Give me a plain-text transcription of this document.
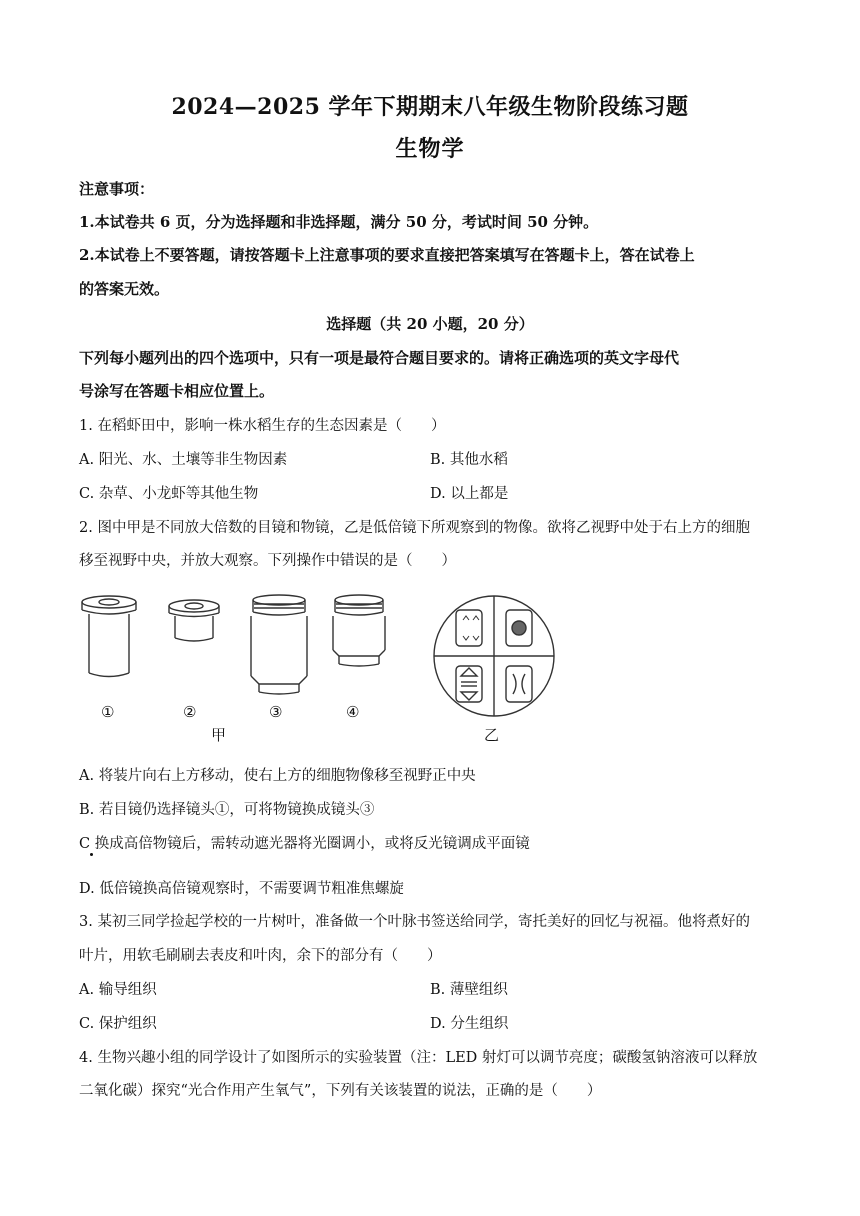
2024—2025 学年下期期末八年级生物阶段练习题
生物学
注意事项：
1.本试卷共 6 页，分为选择题和非选择题，满分 50 分，考试时间 50 分钟。
2.本试卷上不要答题，请按答题卡上注意事项的要求直接把答案填写在答题卡上，答在试卷上
的答案无效。
选择题（共 20 小题，20 分）
下列每小题列出的四个选项中，只有一项是最符合题目要求的。请将正确选项的英文字母代
号涂写在答题卡相应位置上。
1. 在稻虾田中，影响一株水稻生存的生态因素是（　　）
A. 阳光、水、土壤等非生物因素	B. 其他水稻
C. 杂草、小龙虾等其他生物	D. 以上都是
2. 图中甲是不同放大倍数的目镜和物镜，乙是低倍镜下所观察到的物像。欲将乙视野中处于右上方的细胞
移至视野中央，并放大观察。下列操作中错误的是（　　）
①	②	③	④
甲	乙
A. 将装片向右上方移动，使右上方的细胞物像移至视野正中央
B. 若目镜仍选择镜头①，可将物镜换成镜头③
C 换成高倍物镜后，需转动遮光器将光圈调小，或将反光镜调成平面镜
D. 低倍镜换高倍镜观察时，不需要调节粗准焦螺旋
3. 某初三同学捡起学校的一片树叶，准备做一个叶脉书签送给同学，寄托美好的回忆与祝福。他将煮好的
叶片，用软毛刷刷去表皮和叶肉，余下的部分有（　　）
A. 输导组织	B. 薄壁组织
C. 保护组织	D. 分生组织
4. 生物兴趣小组的同学设计了如图所示的实验装置（注：LED 射灯可以调节亮度；碳酸氢钠溶液可以释放
二氧化碳）探究“光合作用产生氧气”，下列有关该装置的说法，正确的是（　　）
